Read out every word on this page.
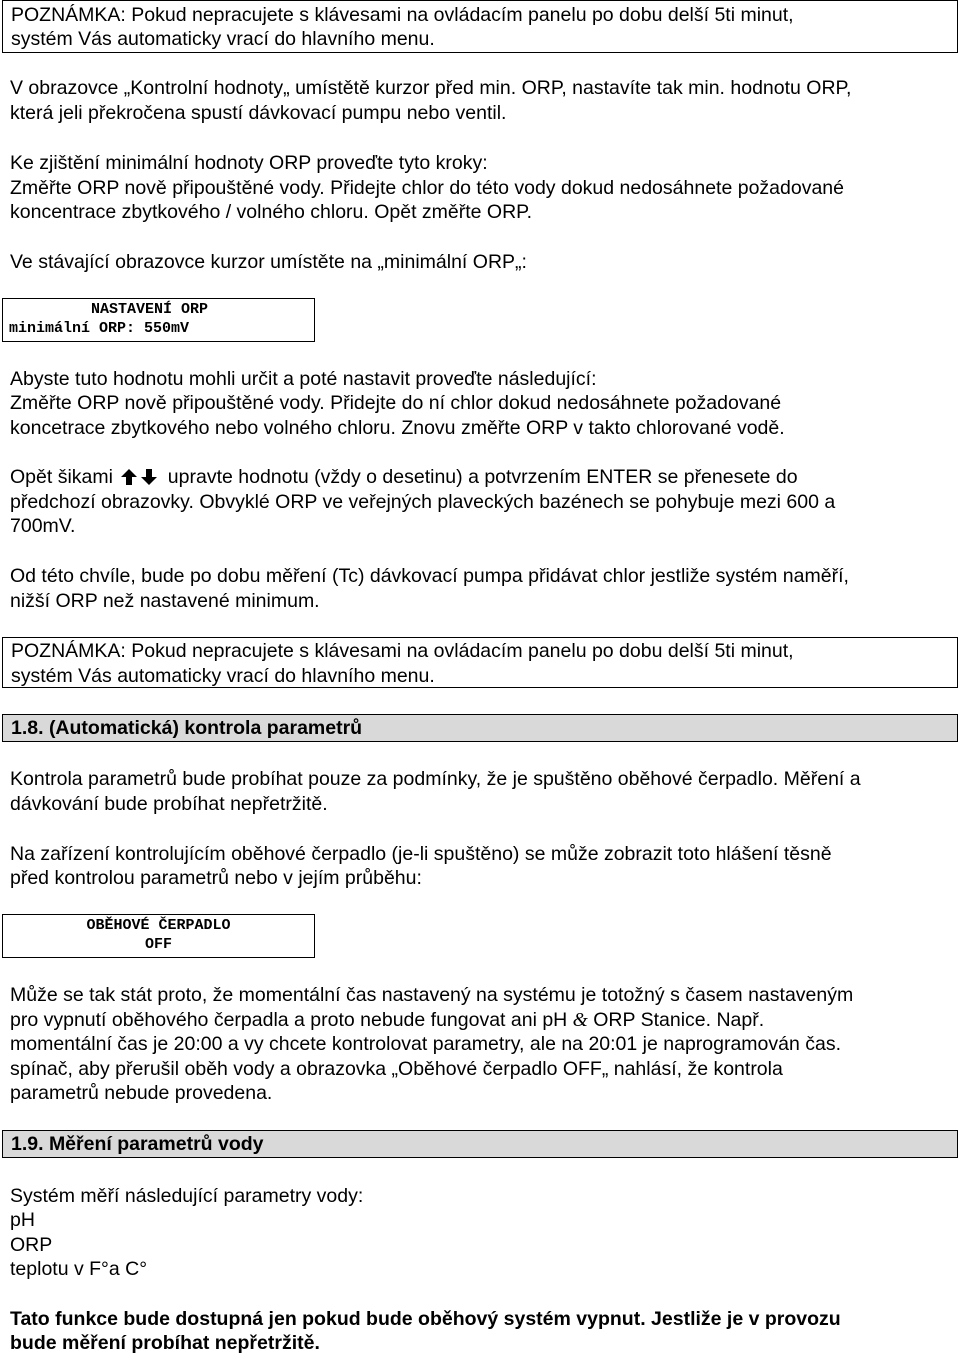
POZNÁMKA: Pokud nepracujete s klávesami na ovládacím panelu po dobu delší 5ti minut,
systém Vás automaticky vrací do hlavního menu.
V obrazovce „Kontrolní hodnoty„ umístětě kurzor před min. ORP, nastavíte tak min. hodnotu ORP,
která jeli překročena spustí dávkovací pumpu nebo ventil.
Ke zjištění minimální hodnoty ORP proveďte tyto kroky:
Změřte ORP nově připouštěné vody. Přidejte chlor do této vody dokud nedosáhnete požadované
koncentrace zbytkového / volného chloru. Opět změřte ORP.
Ve stávající obrazovce kurzor umístěte na „minimální ORP„:
NASTAVENÍ ORP
minimální ORP: 550mV
Abyste tuto hodnotu mohli určit a poté nastavit proveďte následující:
Změřte ORP nově připouštěné vody. Přidejte do ní chlor dokud nedosáhnete požadované
koncetrace zbytkového nebo volného chloru. Znovu změřte ORP v takto chlorované vodě.
Opět šikami	upravte hodnotu (vždy o desetinu) a potvrzením ENTER se přenesete do
předchozí obrazovky. Obvyklé ORP ve veřejných plaveckých bazénech se pohybuje mezi 600 a
700mV.
Od této chvíle, bude po dobu měření (Tc) dávkovací pumpa přidávat chlor jestliže systém naměří,
nižší ORP než nastavené minimum.
POZNÁMKA: Pokud nepracujete s klávesami na ovládacím panelu po dobu delší 5ti minut,
systém Vás automaticky vrací do hlavního menu.
1.8. (Automatická) kontrola parametrů
Kontrola parametrů bude probíhat pouze za podmínky, že je spuštěno oběhové čerpadlo. Měření a
dávkování bude probíhat nepřetržitě.
Na zařízení kontrolujícím oběhové čerpadlo (je-li spuštěno) se může zobrazit toto hlášení těsně
před kontrolou parametrů nebo v jejím průběhu:
OBĚHOVÉ ČERPADLO
OFF
Může se tak stát proto, že momentální čas nastavený na systému je totožný s časem nastaveným
pro vypnutí oběhového čerpadla a proto nebude fungovat ani pH & ORP Stanice. Např.
momentální čas je 20:00 a vy chcete kontrolovat parametry, ale na 20:01 je naprogramován čas.
spínač, aby přerušil oběh vody a obrazovka „Oběhové čerpadlo OFF„ nahlásí, že kontrola
parametrů nebude provedena.
1.9. Měření parametrů vody
Systém měří následující parametry vody:
pH
ORP
teplotu v F°a C°
Tato funkce bude dostupná jen pokud bude oběhový systém vypnut. Jestliže je v provozu
bude měření probíhat nepřetržitě.
